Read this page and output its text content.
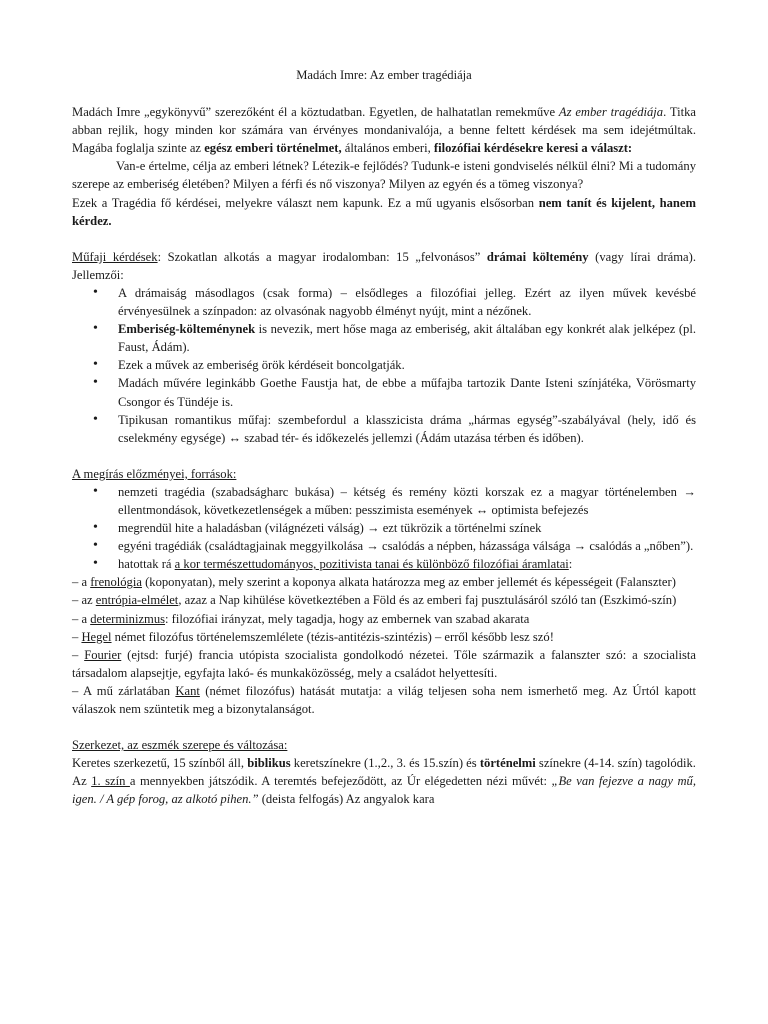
Madách Imre: Az ember tragédiája

Madách Imre „egykönyvű” szerezőként él a köztudatban. Egyetlen, de halhatatlan remekműve Az ember tragédiája. Titka abban rejlik, hogy minden kor számára van érvényes mondanivalója, a benne feltett kérdések ma sem idejétmúltak. Magába foglalja szinte az egész emberi történelmet, általános emberi, filozófiai kérdésekre keresi a választ:

Van-e értelme, célja az emberi létnek? Létezik-e fejlődés? Tudunk-e isteni gondviselés nélkül élni? Mi a tudomány szerepe az emberiség életében? Milyen a férfi és nő viszonya? Milyen az egyén és a tömeg viszonya?

Ezek a Tragédia fő kérdései, melyekre választ nem kapunk. Ez a mű ugyanis elsősorban nem tanít és kijelent, hanem kérdez.

Műfaji kérdések: Szokatlan alkotás a magyar irodalomban: 15 „felvonásos” drámai költemény (vagy lírai dráma). Jellemzői:

• A drámaiság másodlagos (csak forma) – elsődleges a filozófiai jelleg. Ezért az ilyen művek kevésbé érvényesülnek a színpadon: az olvasónak nagyobb élményt nyújt, mint a nézőnek.
• Emberiség-költeménynek is nevezik, mert hőse maga az emberiség, akit általában egy konkrét alak jelképez (pl. Faust, Ádám).
• Ezek a művek az emberiség örök kérdéseit boncolgatják.
• Madách művére leginkább Goethe Faustja hat, de ebbe a műfajba tartozik Dante Isteni színjátéka, Vörösmarty Csongor és Tündéje is.
• Tipikusan romantikus műfaj: szembefordul a klasszicista dráma „hármas egység”-szabályával (hely, idő és cselekmény egysége) ↔ szabad tér- és időkezelés jellemzi (Ádám utazása térben és időben).

A megírás előzményei, források:

• nemzeti tragédia (szabadságharc bukása) – kétség és remény közti korszak ez a magyar történelemben → ellentmondások, következetlenségek a műben: pesszimista események ↔ optimista befejezés
• megrendül hite a haladásban (világnézeti válság) → ezt tükrözik a történelmi színek
• egyéni tragédiák (családtagjainak meggyilkolása → csalódás a népben, házassága válsága → csalódás a „nőben”).
• hatottak rá a kor természettudományos, pozitivista tanai és különböző filozófiai áramlatai:

– a frenológia (koponyatan), mely szerint a koponya alkata határozza meg az ember jellemét és képességeit (Falanszter)

– az entrópia-elmélet, azaz a Nap kihülése következtében a Föld és az emberi faj pusztulásáról szóló tan (Eszkimó-szín)

– a determinizmus: filozófiai irányzat, mely tagadja, hogy az embernek van szabad akarata

– Hegel német filozófus történelemszemlélete (tézis-antitézis-szintézis) – erről később lesz szó!

– Fourier (ejtsd: furjé) francia utópista szocialista gondolkodó nézetei. Tőle származik a falanszter szó: a szocialista társadalom alapsejtje, egyfajta lakó- és munkaközösség, mely a családot helyettesíti.

– A mű zárlatában Kant (német filozófus) hatását mutatja: a világ teljesen soha nem ismerhető meg. Az Úrtól kapott válaszok nem szüntetik meg a bizonytalanságot.

Szerkezet, az eszmék szerepe és változása:

Keretes szerkezetű, 15 színből áll, biblikus keretszínekre (1.,2., 3. és 15.szín) és történelmi színekre (4-14. szín) tagolódik.

Az 1. szín a mennyekben játszódik. A teremtés befejeződött, az Úr elégedetten nézi művét: „Be van fejezve a nagy mű, igen. / A gép forog, az alkotó pihen.” (deista felfogás) Az angyalok kara
